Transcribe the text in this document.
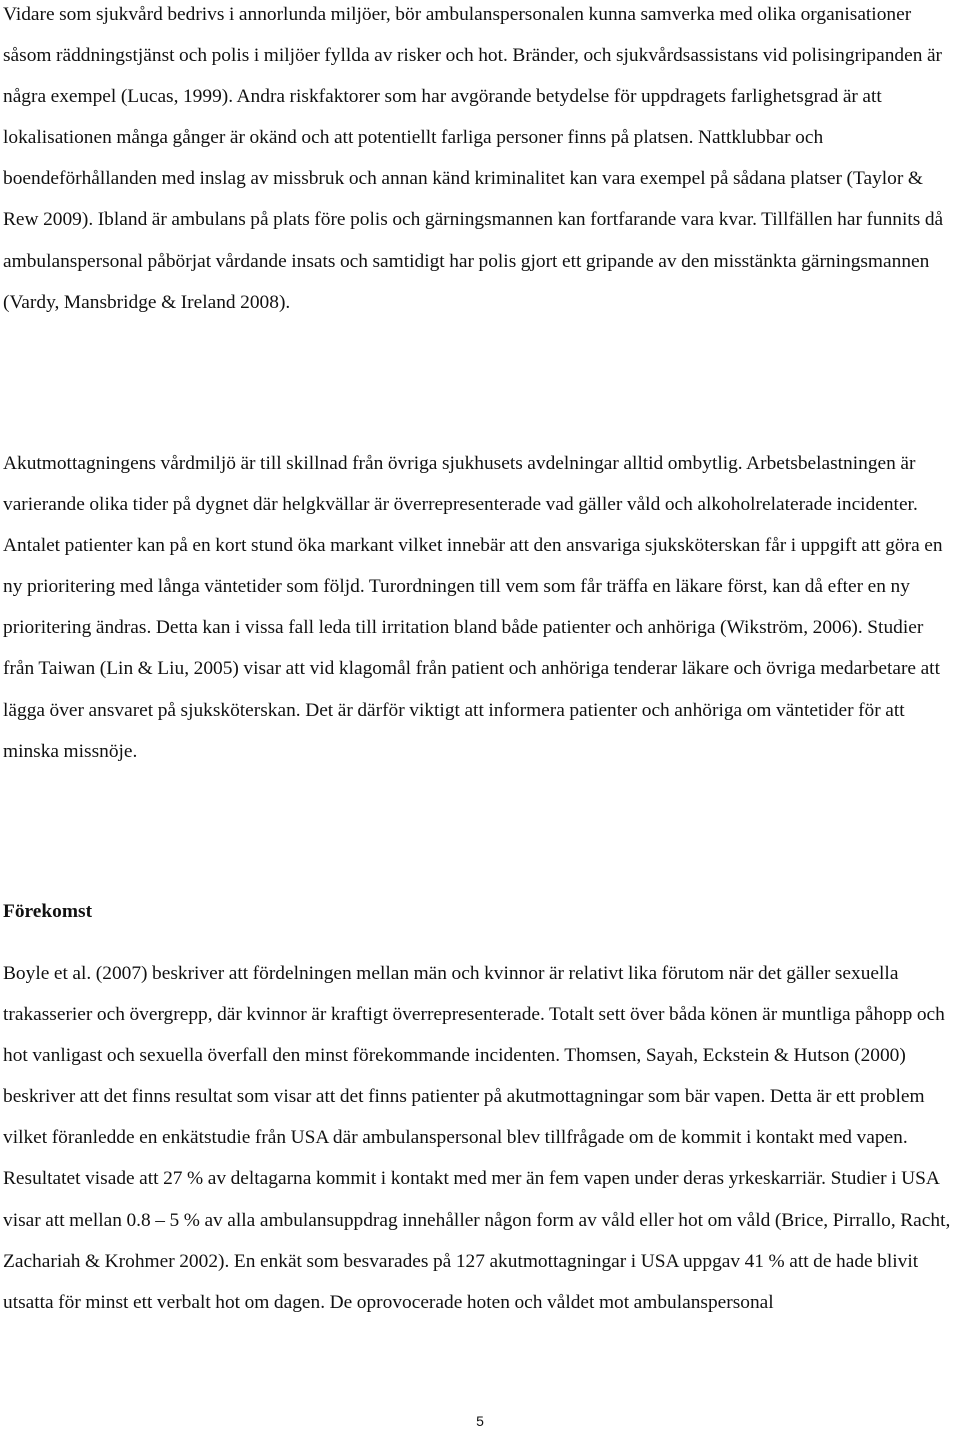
Vidare som sjukvård bedrivs i annorlunda miljöer, bör ambulanspersonalen kunna samverka med olika organisationer såsom räddningstjänst och polis i miljöer fyllda av risker och hot. Bränder, och sjukvårdsassistans vid polisingripanden är några exempel (Lucas, 1999). Andra riskfaktorer som har avgörande betydelse för uppdragets farlighetsgrad är att lokalisationen många gånger är okänd och att potentiellt farliga personer finns på platsen. Nattklubbar och boendeförhållanden med inslag av missbruk och annan känd kriminalitet kan vara exempel på sådana platser (Taylor & Rew 2009). Ibland är ambulans på plats före polis och gärningsmannen kan fortfarande vara kvar. Tillfällen har funnits då ambulanspersonal påbörjat vårdande insats och samtidigt har polis gjort ett gripande av den misstänkta gärningsmannen (Vardy, Mansbridge & Ireland 2008).

Akutmottagningens vårdmiljö är till skillnad från övriga sjukhusets avdelningar alltid ombytlig. Arbetsbelastningen är varierande olika tider på dygnet där helgkvällar är överrepresenterade vad gäller våld och alkoholrelaterade incidenter. Antalet patienter kan på en kort stund öka markant vilket innebär att den ansvariga sjuksköterskan får i uppgift att göra en ny prioritering med långa väntetider som följd. Turordningen till vem som får träffa en läkare först, kan då efter en ny prioritering ändras. Detta kan i vissa fall leda till irritation bland både patienter och anhöriga (Wikström, 2006). Studier från Taiwan (Lin & Liu, 2005) visar att vid klagomål från patient och anhöriga tenderar läkare och övriga medarbetare att lägga över ansvaret på sjuksköterskan. Det är därför viktigt att informera patienter och anhöriga om väntetider för att minska missnöje.

Förekomst

Boyle et al. (2007) beskriver att fördelningen mellan män och kvinnor är relativt lika förutom när det gäller sexuella trakasserier och övergrepp, där kvinnor är kraftigt överrepresenterade. Totalt sett över båda könen är muntliga påhopp och hot vanligast och sexuella överfall den minst förekommande incidenten. Thomsen, Sayah, Eckstein & Hutson (2000) beskriver att det finns resultat som visar att det finns patienter på akutmottagningar som bär vapen. Detta är ett problem vilket föranledde en enkätstudie från USA där ambulanspersonal blev tillfrågade om de kommit i kontakt med vapen. Resultatet visade att 27 % av deltagarna kommit i kontakt med mer än fem vapen under deras yrkeskarriär. Studier i USA visar att mellan 0.8 – 5 % av alla ambulansuppdrag innehåller någon form av våld eller hot om våld (Brice, Pirrallo, Racht, Zachariah & Krohmer 2002). En enkät som besvarades på 127 akutmottagningar i USA uppgav 41 % att de hade blivit utsatta för minst ett verbalt hot om dagen. De oprovocerade hoten och våldet mot ambulanspersonal

5
